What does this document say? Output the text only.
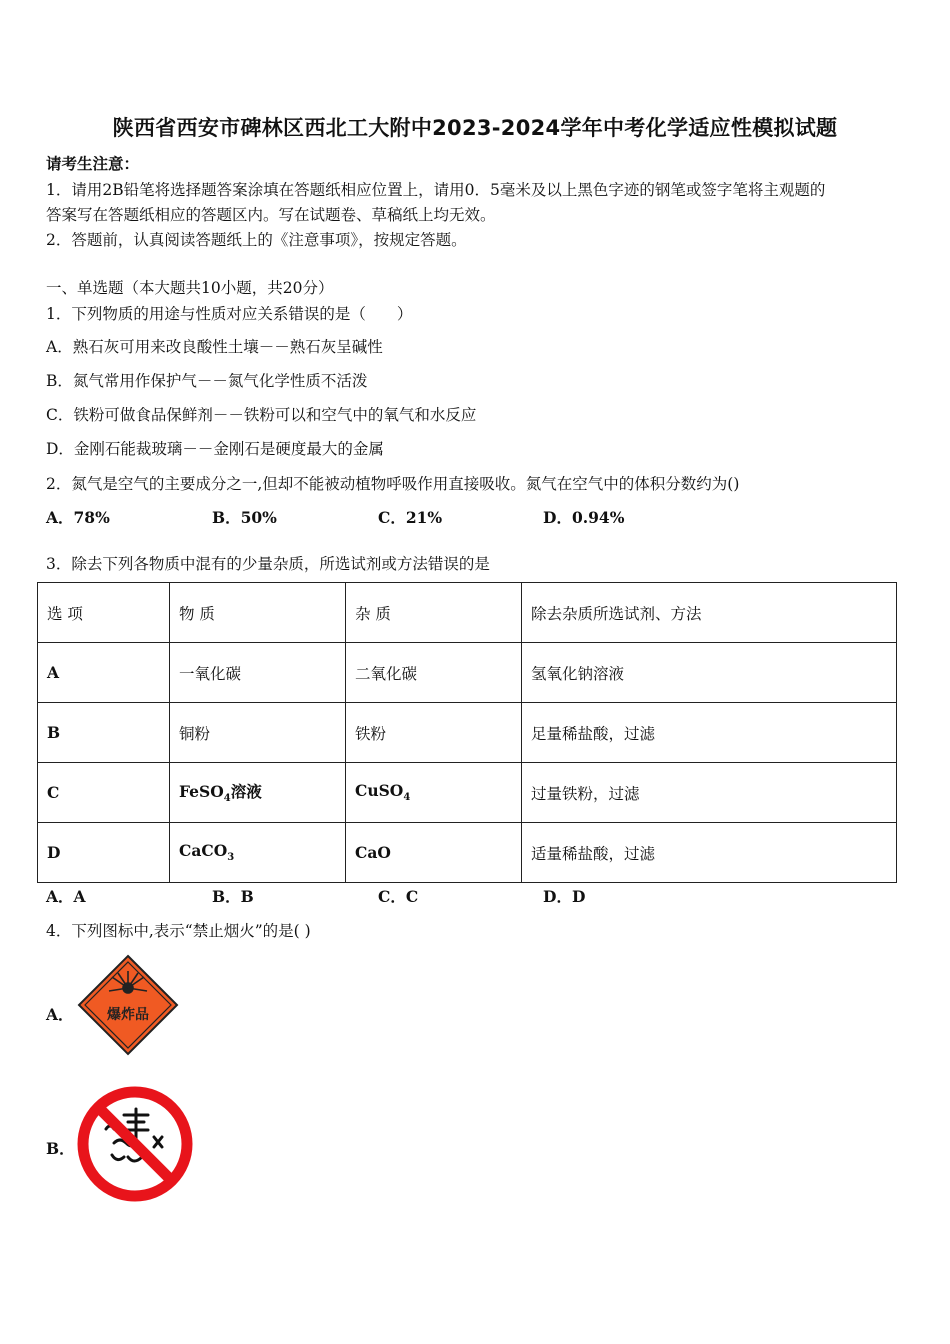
陕西省西安市碑林区西北工大附中2023-2024学年中考化学适应性模拟试题
请考生注意：
1．请用2B铅笔将选择题答案涂填在答题纸相应位置上，请用0．5毫米及以上黑色字迹的钢笔或签字笔将主观题的
答案写在答题纸相应的答题区内。写在试题卷、草稿纸上均无效。
2．答题前，认真阅读答题纸上的《注意事项》，按规定答题。
一、单选题（本大题共10小题，共20分）
1．下列物质的用途与性质对应关系错误的是（　　）
A．熟石灰可用来改良酸性土壤－－熟石灰呈碱性
B．氮气常用作保护气－－氮气化学性质不活泼
C．铁粉可做食品保鲜剂－－铁粉可以和空气中的氧气和水反应
D．金刚石能裁玻璃－－金刚石是硬度最大的金属
2．氮气是空气的主要成分之一,但却不能被动植物呼吸作用直接吸收。氮气在空气中的体积分数约为()
A．78%	B．50%	C．21%	D．0.94%
3．除去下列各物质中混有的少量杂质，所选试剂或方法错误的是
选 项	物 质	杂 质	除去杂质所选试剂、方法
A	一氧化碳	二氧化碳	氢氧化钠溶液
B	铜粉	铁粉	足量稀盐酸，过滤
C	FeSO$_4$溶液	CuSO$_4$	过量铁粉，过滤
D	CaCO$_3$	CaO	适量稀盐酸，过滤
A．A	B．B	C．C	D．D
4．下列图标中,表示“禁止烟火”的是( )
A． 爆炸品
B．
